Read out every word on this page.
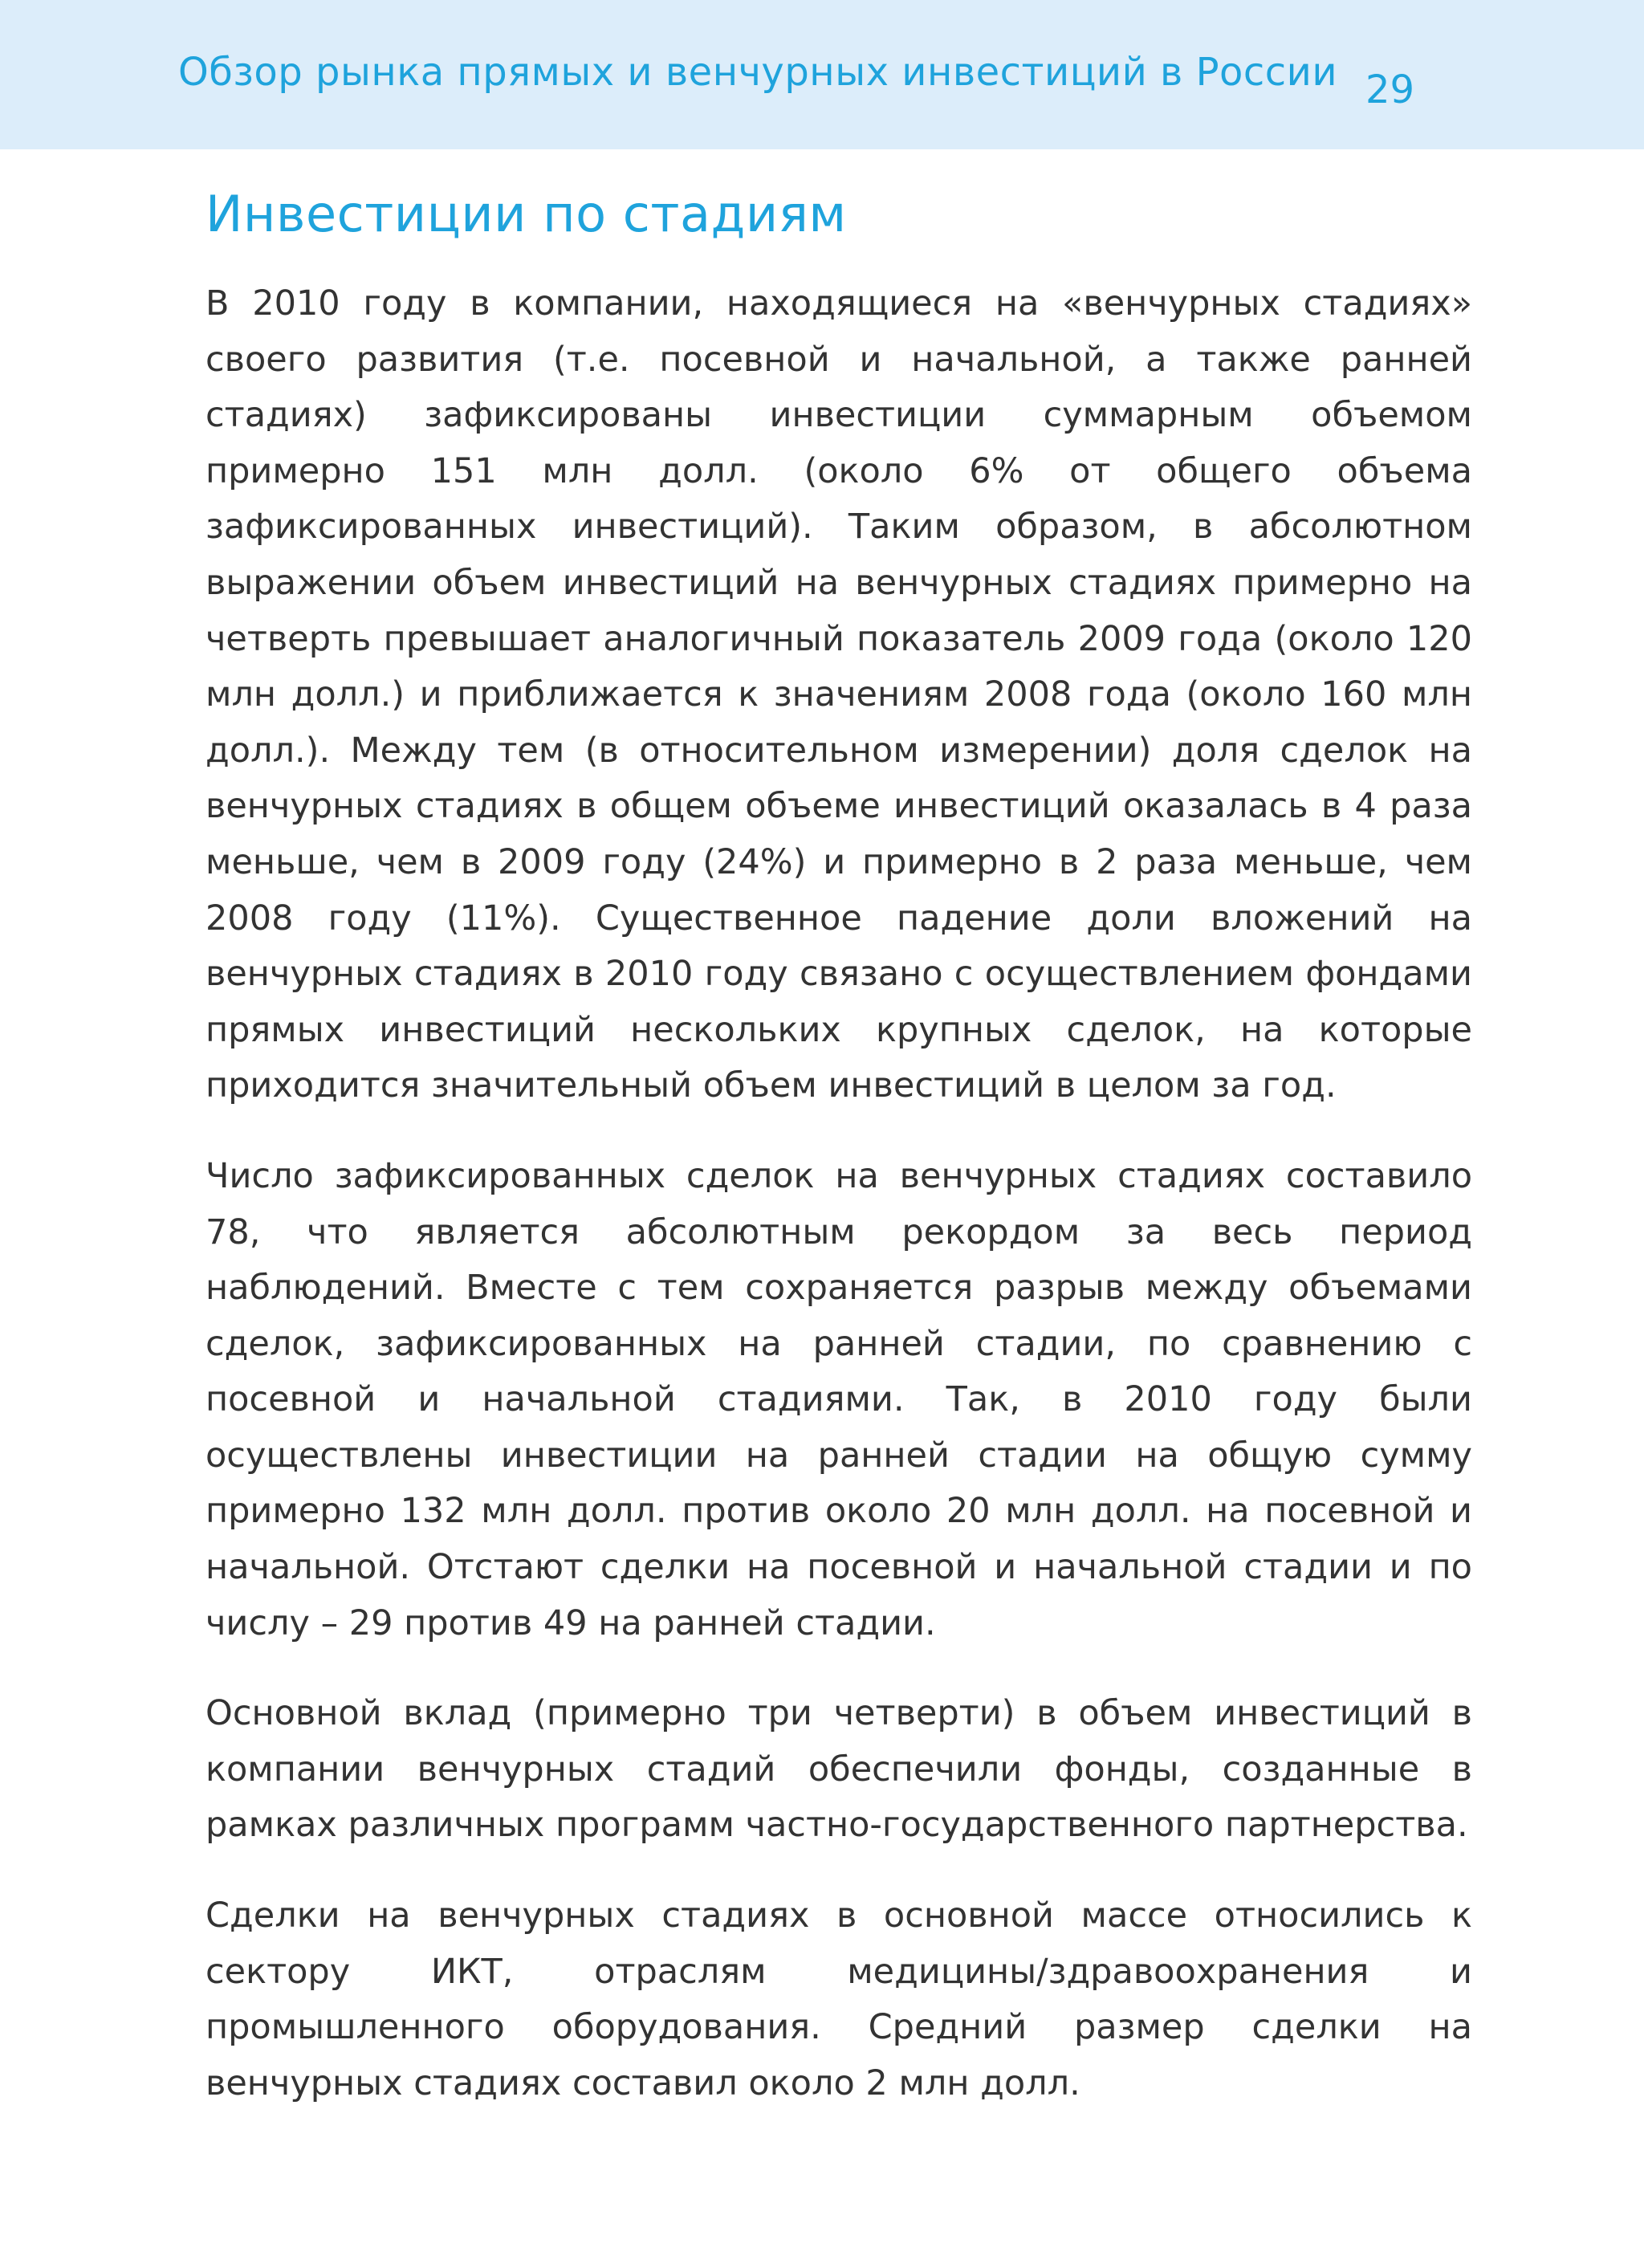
Обзор рынка прямых и венчурных инвестиций в России 29
Инвестиции по стадиям

В 2010 году в компании, находящиеся на «венчурных стадиях» своего развития (т.е. посевной и начальной, а также ранней стадиях) зафиксированы инвестиции суммарным объемом примерно 151 млн долл. (около 6% от общего объема зафиксированных инвестиций). Таким образом, в абсолютном выражении объем инвестиций на венчурных стадиях примерно на четверть превышает аналогичный показатель 2009 года (около 120 млн долл.) и приближается к значениям 2008 года (около 160 млн долл.). Между тем (в относительном измерении) доля сделок на венчурных стадиях в общем объеме инвестиций оказалась в 4 раза меньше, чем в 2009 году (24%) и примерно в 2 раза меньше, чем 2008 году (11%). Существенное падение доли вложений на венчурных стадиях в 2010 году связано с осуществлением фондами прямых инвестиций нескольких крупных сделок, на которые приходится значительный объем инвестиций в целом за год.

Число зафиксированных сделок на венчурных стадиях составило 78, что является абсолютным рекордом за весь период наблюдений. Вместе с тем сохраняется разрыв между объемами сделок, зафиксированных на ранней стадии, по сравнению с посевной и начальной стадиями. Так, в 2010 году были осуществлены инвестиции на ранней стадии на общую сумму примерно 132 млн долл. против около 20 млн долл. на посевной и начальной. Отстают сделки на посевной и начальной стадии и по числу – 29 против 49 на ранней стадии.

Основной вклад (примерно три четверти) в объем инвестиций в компании венчурных стадий обеспечили фонды, созданные в рамках различных программ частно-государственного партнерства.

Сделки на венчурных стадиях в основной массе относились к сектору ИКТ, отраслям медицины/здравоохранения и промышленного оборудования. Средний размер сделки на венчурных стадиях составил около 2 млн долл.
